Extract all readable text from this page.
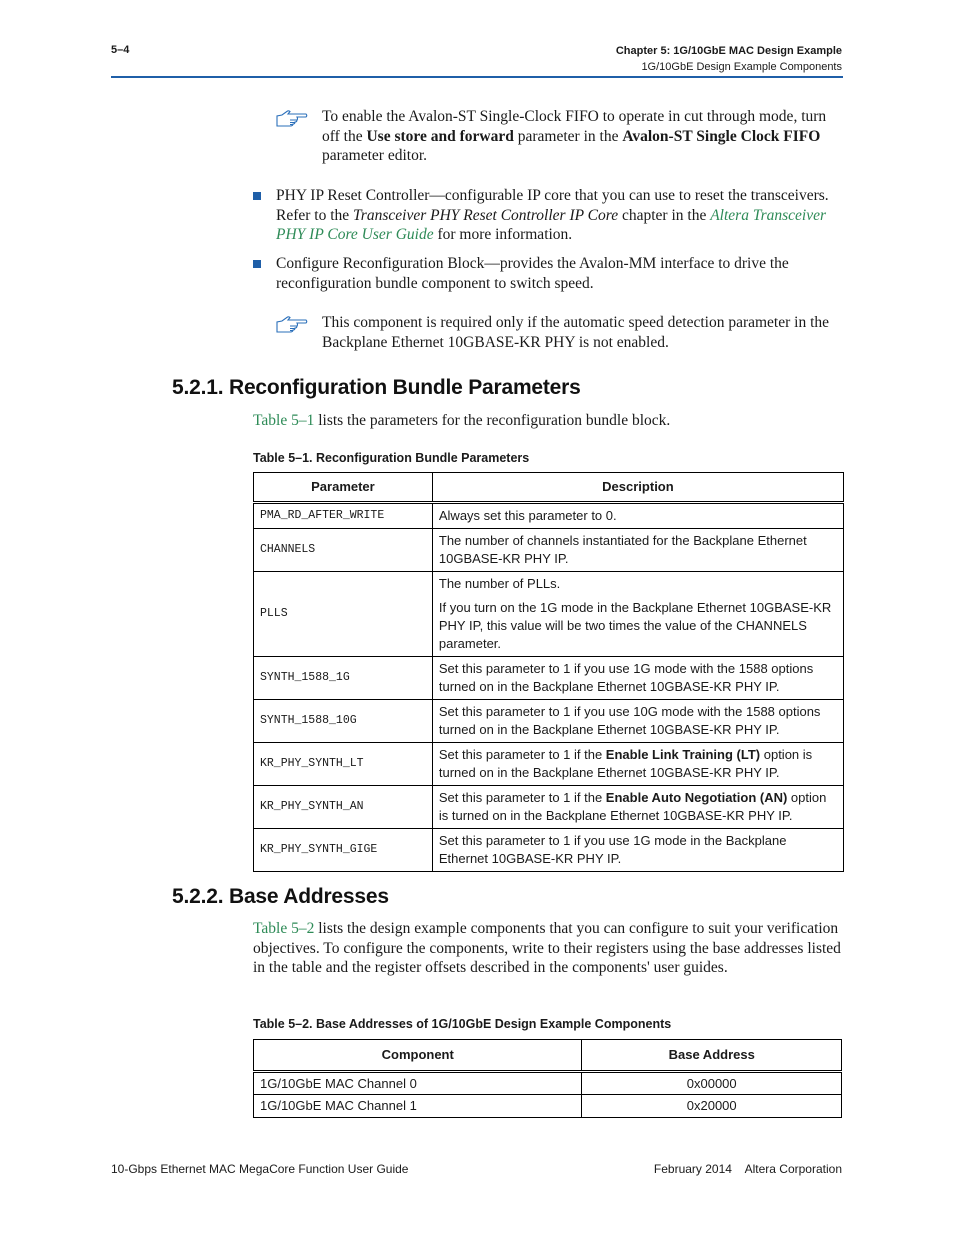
5–4	Chapter 5: 1G/10GbE MAC Design Example
1G/10GbE Design Example Components
To enable the Avalon-ST Single-Clock FIFO to operate in cut through mode, turn off the Use store and forward parameter in the Avalon-ST Single Clock FIFO parameter editor.
PHY IP Reset Controller—configurable IP core that you can use to reset the transceivers. Refer to the Transceiver PHY Reset Controller IP Core chapter in the Altera Transceiver PHY IP Core User Guide for more information.
Configure Reconfiguration Block—provides the Avalon-MM interface to drive the reconfiguration bundle component to switch speed.
This component is required only if the automatic speed detection parameter in the Backplane Ethernet 10GBASE-KR PHY is not enabled.
5.2.1. Reconfiguration Bundle Parameters
Table 5–1 lists the parameters for the reconfiguration bundle block.
Table 5–1. Reconfiguration Bundle Parameters
Parameter	Description
PMA_RD_AFTER_WRITE	Always set this parameter to 0.
CHANNELS	The number of channels instantiated for the Backplane Ethernet 10GBASE-KR PHY IP.
PLLS	The number of PLLs.

If you turn on the 1G mode in the Backplane Ethernet 10GBASE-KR PHY IP, this value will be two times the value of the CHANNELS parameter.

SYNTH_1588_1G	Set this parameter to 1 if you use 1G mode with the 1588 options turned on in the Backplane Ethernet 10GBASE-KR PHY IP.
SYNTH_1588_10G	Set this parameter to 1 if you use 10G mode with the 1588 options turned on in the Backplane Ethernet 10GBASE-KR PHY IP.
KR_PHY_SYNTH_LT	Set this parameter to 1 if the Enable Link Training (LT) option is turned on in the Backplane Ethernet 10GBASE-KR PHY IP.
KR_PHY_SYNTH_AN	Set this parameter to 1 if the Enable Auto Negotiation (AN) option is turned on in the Backplane Ethernet 10GBASE-KR PHY IP.
KR_PHY_SYNTH_GIGE	Set this parameter to 1 if you use 1G mode in the Backplane Ethernet 10GBASE-KR PHY IP.
5.2.2. Base Addresses
Table 5–2 lists the design example components that you can configure to suit your verification objectives. To configure the components, write to their registers using the base addresses listed in the table and the register offsets described in the components' user guides.
Table 5–2. Base Addresses of 1G/10GbE Design Example Components
Component	Base Address
1G/10GbE MAC Channel 0	0x00000
1G/10GbE MAC Channel 1	0x20000
10-Gbps Ethernet MAC MegaCore Function User Guide	February 2014    Altera Corporation
